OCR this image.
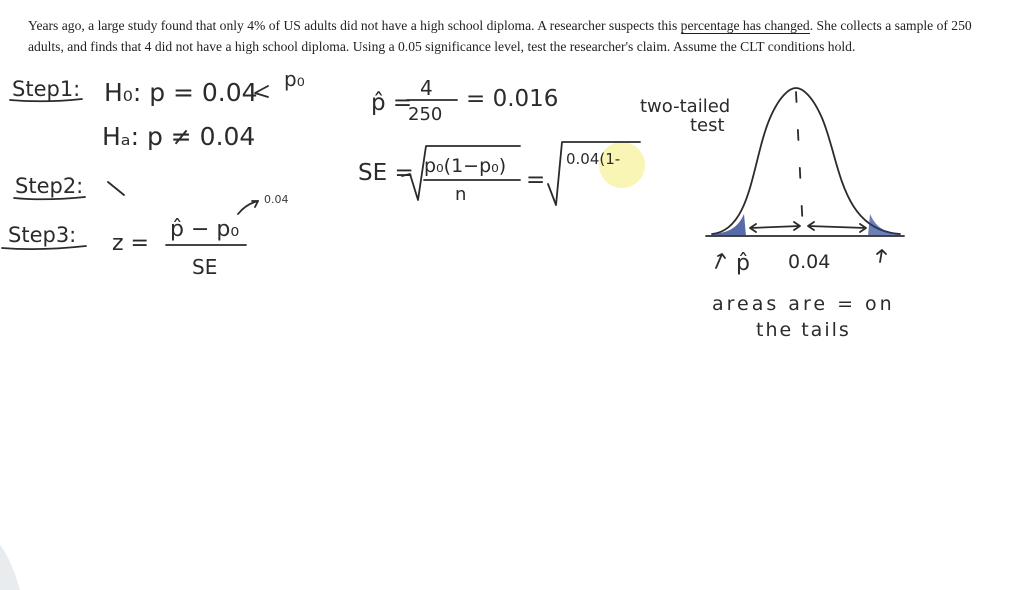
Years ago, a large study found that only 4% of US adults did not have a high school diploma. A researcher suspects this percentage has changed. She collects a sample of 250 adults, and finds that 4 did not have a high school diploma. Using a 0.05 significance level, test the researcher's claim. Assume the CLT conditions hold.

Step1: H₀: p = 0.04 p₀
Hₐ: p ≠ 0.04
Step2:
Step3: z =
p̂ − p₀
SE
0.04
p̂ =
4
250
= 0.016
SE = p₀(1−p₀)
n
=
0.04(1-
two-tailed
test
p̂ 0.04
areas are = on
the tails
